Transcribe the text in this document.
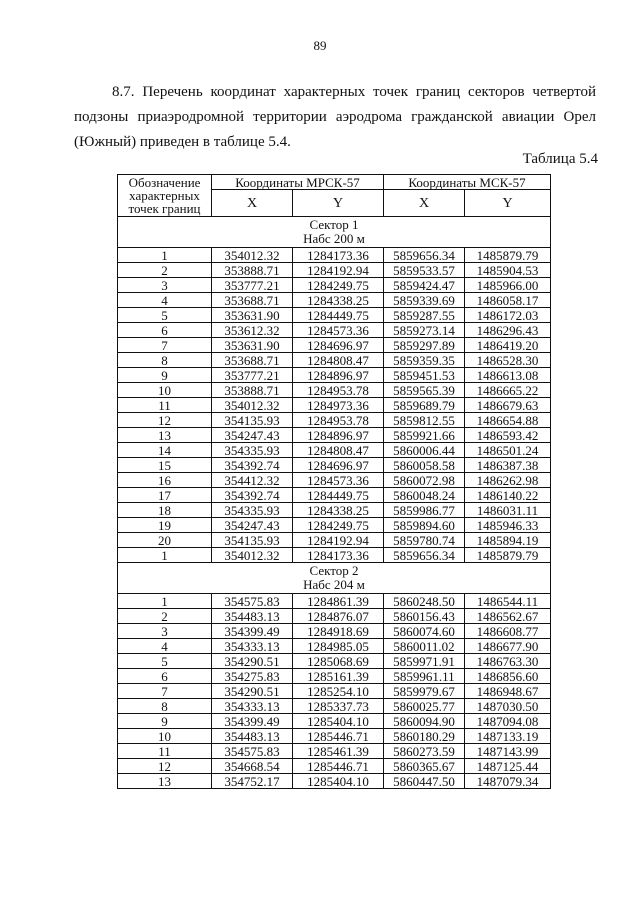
89

8.7. Перечень координат характерных точек границ секторов четвертой подзоны приаэродромной территории аэродрома гражданской авиации Орел (Южный) приведен в таблице 5.4.

Таблица 5.4
Обозначение характерных точек границ	Координаты МРСК-57		Координаты МСК-57	
	X	Y	X	Y

Сектор 1
Набс 200 м				

1	354012.32	1284173.36	5859656.34	1485879.79
2	353888.71	1284192.94	5859533.57	1485904.53
3	353777.21	1284249.75	5859424.47	1485966.00
4	353688.71	1284338.25	5859339.69	1486058.17
5	353631.90	1284449.75	5859287.55	1486172.03
6	353612.32	1284573.36	5859273.14	1486296.43
7	353631.90	1284696.97	5859297.89	1486419.20
8	353688.71	1284808.47	5859359.35	1486528.30
9	353777.21	1284896.97	5859451.53	1486613.08
10	353888.71	1284953.78	5859565.39	1486665.22
11	354012.32	1284973.36	5859689.79	1486679.63
12	354135.93	1284953.78	5859812.55	1486654.88
13	354247.43	1284896.97	5859921.66	1486593.42
14	354335.93	1284808.47	5860006.44	1486501.24
15	354392.74	1284696.97	5860058.58	1486387.38
16	354412.32	1284573.36	5860072.98	1486262.98
17	354392.74	1284449.75	5860048.24	1486140.22
18	354335.93	1284338.25	5859986.77	1486031.11
19	354247.43	1284249.75	5859894.60	1485946.33
20	354135.93	1284192.94	5859780.74	1485894.19
1	354012.32	1284173.36	5859656.34	1485879.79

Сектор 2
Набс 204 м				

1	354575.83	1284861.39	5860248.50	1486544.11
2	354483.13	1284876.07	5860156.43	1486562.67
3	354399.49	1284918.69	5860074.60	1486608.77
4	354333.13	1284985.05	5860011.02	1486677.90
5	354290.51	1285068.69	5859971.91	1486763.30
6	354275.83	1285161.39	5859961.11	1486856.60
7	354290.51	1285254.10	5859979.67	1486948.67
8	354333.13	1285337.73	5860025.77	1487030.50
9	354399.49	1285404.10	5860094.90	1487094.08
10	354483.13	1285446.71	5860180.29	1487133.19
11	354575.83	1285461.39	5860273.59	1487143.99
12	354668.54	1285446.71	5860365.67	1487125.44
13	354752.17	1285404.10	5860447.50	1487079.34
